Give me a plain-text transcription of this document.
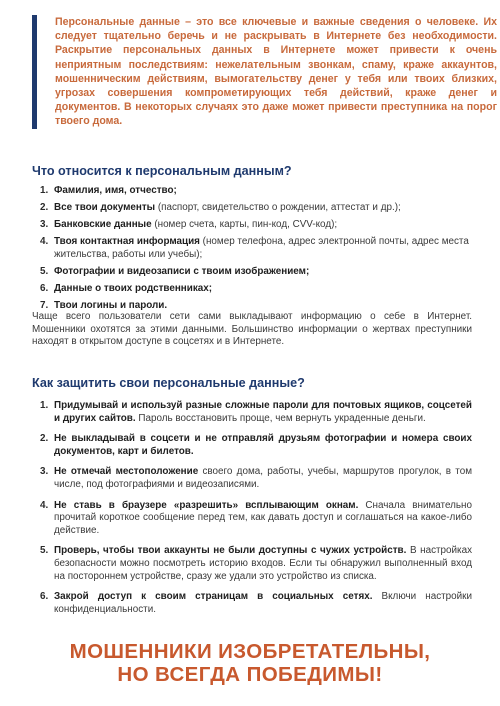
Персональные данные – это все ключевые и важные сведения о человеке. Их следует тщательно беречь и не раскрывать в Интернете без необходимости. Раскрытие персональных данных в Интернете может привести к очень неприятным последствиям: нежелательным звонкам, спаму, краже аккаунтов, мошенническим действиям, вымогательству денег у тебя или твоих близких, угрозах совершения компрометирующих тебя действий, краже денег и документов. В некоторых случаях это даже может привести преступника на порог твоего дома.

Что относится к персональным данным?
1. Фамилия, имя, отчество;
2. Все твои документы (паспорт, свидетельство о рождении, аттестат и др.);
3. Банковские данные (номер счета, карты, пин-код, CVV-код);
4. Твоя контактная информация (номер телефона, адрес электронной почты, адрес места жительства, работы или учебы);
5. Фотографии и видеозаписи с твоим изображением;
6. Данные о твоих родственниках;
7. Твои логины и пароли.

Чаще всего пользователи сети сами выкладывают информацию о себе в Интернет. Мошенники охотятся за этими данными. Большинство информации о жертвах преступники находят в открытом доступе в соцсетях и в Интернете.

Как защитить свои персональные данные?
1. Придумывай и используй разные сложные пароли для почтовых ящиков, соцсетей и других сайтов. Пароль восстановить проще, чем вернуть украденные деньги.
2. Не выкладывай в соцсети и не отправляй друзьям фотографии и номера своих документов, карт и билетов.
3. Не отмечай местоположение своего дома, работы, учебы, маршрутов прогулок, в том числе, под фотографиями и видеозаписями.
4. Не ставь в браузере «разрешить» всплывающим окнам. Сначала внимательно прочитай короткое сообщение перед тем, как давать доступ и соглашаться на какое-либо действие.
5. Проверь, чтобы твои аккаунты не были доступны с чужих устройств. В настройках безопасности можно посмотреть историю входов. Если ты обнаружил выполненный вход на постороннем устройстве, сразу же удали это устройство из списка.
6. Закрой доступ к своим страницам в социальных сетях. Включи настройки конфиденциальности.
МОШЕННИКИ ИЗОБРЕТАТЕЛЬНЫ,
НО ВСЕГДА ПОБЕДИМЫ!
